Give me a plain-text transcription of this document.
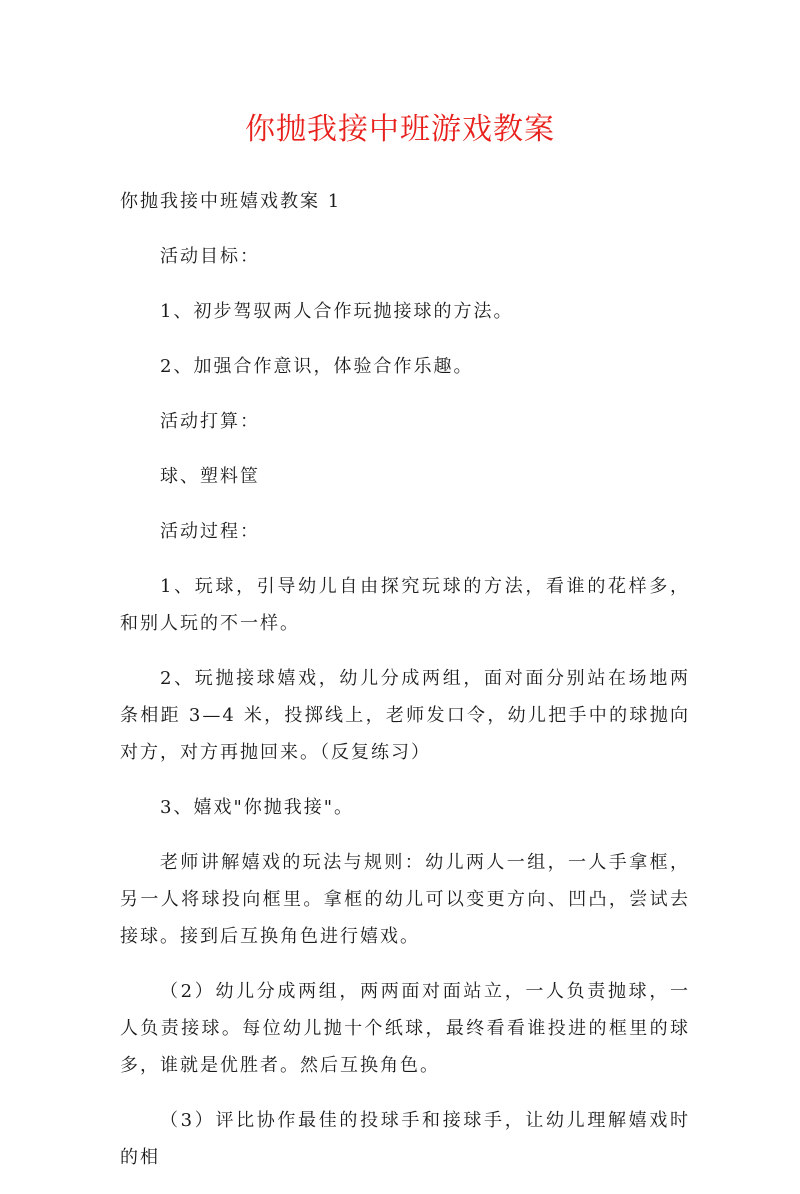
你抛我接中班游戏教案

你抛我接中班嬉戏教案 1

活动目标：

1、初步驾驭两人合作玩抛接球的方法。

2、加强合作意识，体验合作乐趣。

活动打算：

球、塑料筐

活动过程：

1、玩球，引导幼儿自由探究玩球的方法，看谁的花样多，和别人玩的不一样。

2、玩抛接球嬉戏，幼儿分成两组，面对面分别站在场地两条相距 3—4 米，投掷线上，老师发口令，幼儿把手中的球抛向对方，对方再抛回来。（反复练习）

3、嬉戏"你抛我接"。

老师讲解嬉戏的玩法与规则：幼儿两人一组，一人手拿框，另一人将球投向框里。拿框的幼儿可以变更方向、凹凸，尝试去接球。接到后互换角色进行嬉戏。

（2）幼儿分成两组，两两面对面站立，一人负责抛球，一人负责接球。每位幼儿抛十个纸球，最终看看谁投进的框里的球多，谁就是优胜者。然后互换角色。

（3）评比协作最佳的投球手和接球手，让幼儿理解嬉戏时的相
